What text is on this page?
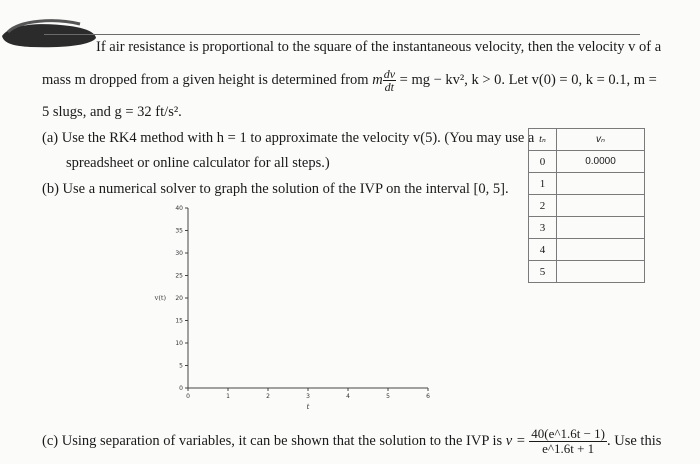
If air resistance is proportional to the square of the instantaneous velocity, then the velocity v of a
mass m dropped from a given height is determined from m $\frac{dv}{dt}$ = mg − kv², k > 0. Let v(0) = 0, k = 0.1, m =
5 slugs, and g = 32 ft/s².
(a) Use the RK4 method with h = 1 to approximate the velocity v(5). (You may use a
spreadsheet or online calculator for all steps.)
(b) Use a numerical solver to graph the solution of the IVP on the interval [0, 5].
tₙ	vₙ
0	0.0000
1	
2	
3	
4	
5	
0
5
10
15
20
25
30
35
40
0	1	2	3	4	5	6
v(t)
t
(c) Using separation of variables, it can be shown that the solution to the IVP is $v = \frac{40(e\^{}1.6t - 1)}{e\^{}1.6t + 1}$ . Use this
